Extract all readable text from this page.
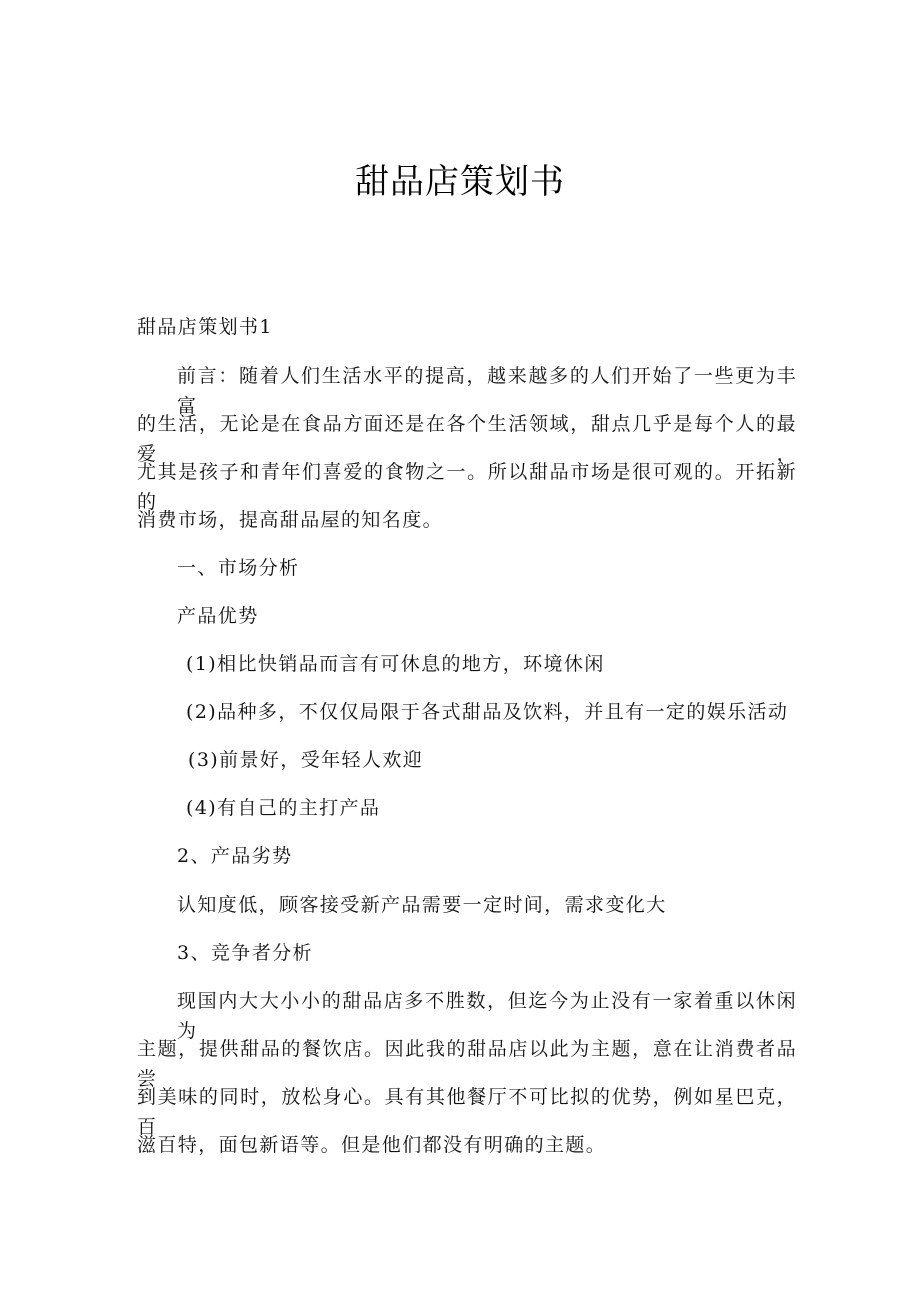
甜品店策划书
甜品店策划书1
前言：随着人们生活水平的提高，越来越多的人们开始了一些更为丰富
的生活，无论是在食品方面还是在各个生活领域，甜点几乎是每个人的最爱，
尤其是孩子和青年们喜爱的食物之一。所以甜品市场是很可观的。开拓新的
消费市场，提高甜品屋的知名度。
一、市场分析
产品优势
(1)相比快销品而言有可休息的地方，环境休闲
(2)品种多，不仅仅局限于各式甜品及饮料，并且有一定的娱乐活动
(3)前景好，受年轻人欢迎
(4)有自己的主打产品
2、产品劣势
认知度低，顾客接受新产品需要一定时间，需求变化大
3、竞争者分析
现国内大大小小的甜品店多不胜数，但迄今为止没有一家着重以休闲为
主题，提供甜品的餐饮店。因此我的甜品店以此为主题，意在让消费者品尝
到美味的同时，放松身心。具有其他餐厅不可比拟的优势，例如星巴克，百
滋百特，面包新语等。但是他们都没有明确的主题。
